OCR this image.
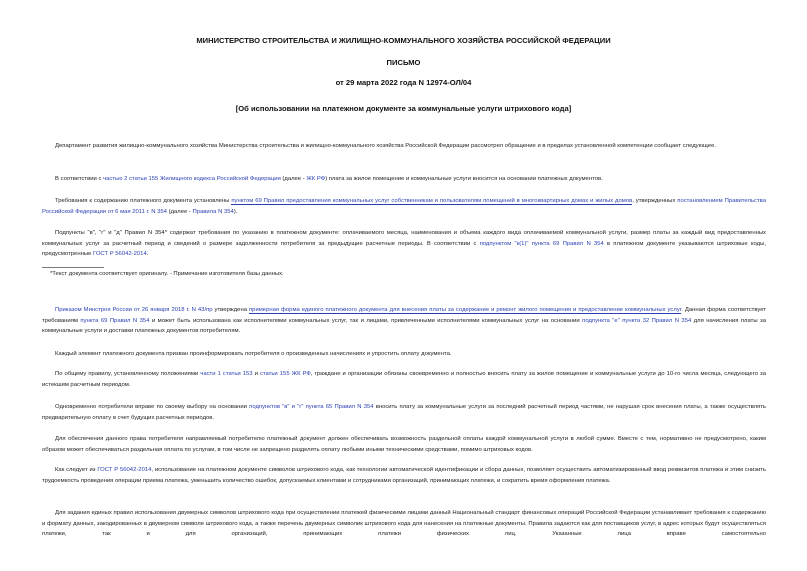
МИНИСТЕРСТВО СТРОИТЕЛЬСТВА И ЖИЛИЩНО-КОММУНАЛЬНОГО ХОЗЯЙСТВА РОССИЙСКОЙ ФЕДЕРАЦИИ
ПИСЬМО
от 29 марта 2022 года N 12974-ОЛ/04
[Об использовании на платежном документе за коммунальные услуги штрихового кода]

Департамент развития жилищно-коммунального хозяйства Министерства строительства и жилищно-коммунального хозяйства Российской Федерации рассмотрел обращение и в пределах установленной компетенции сообщает следующее.

В соответствии с частью 2 статьи 155 Жилищного кодекса Российской Федерации (далее - ЖК РФ) плата за жилое помещение и коммунальные услуги вносится на основании платежных документов.

Требования к содержанию платежного документа установлены пунктом 69 Правил предоставления коммунальных услуг собственникам и пользователям помещений в многоквартирных домах и жилых домов, утвержденных постановлением Правительства Российской Федерации от 6 мая 2011 г. N 354 (далее - Правила N 354).

Подпункты "в", "г" и "д" Правил N 354* содержат требования по указанию в платежном документе: оплачиваемого месяца, наименования и объема каждого вида оплачиваемой коммунальной услуги, размер платы за каждый вид предоставленных коммунальных услуг за расчетный период и сведений о размере задолженности потребителя за предыдущие расчетные периоды. В соответствии с подпунктом "к(1)" пункта 69 Правил N 354 в платежном документе указываются штриховые коды, предусмотренные ГОСТ Р 56042-2014.

*Текст документа соответствует оригиналу. - Примечание изготовителя базы данных.

Приказом Минстроя России от 26 января 2018 г. N 43/пр утверждена примерная форма единого платежного документа для внесения платы за содержание и ремонт жилого помещения и предоставление коммунальных услуг. Данная форма соответствует требованиям пункта 69 Правил N 354 и может быть использована как исполнителями коммунальных услуг, так и лицами, привлеченными исполнителями коммунальных услуг на основании подпункта "е" пункта 32 Правил N 354 для начисления платы за коммунальные услуги и доставки платежных документов потребителям.

Каждый элемент платежного документа призван проинформировать потребителя о произведенных начислениях и упростить оплату документа.

По общему правилу, установленному положениями части 1 статьи 153 и статьи 155 ЖК РФ, граждане и организации обязаны своевременно и полностью вносить плату за жилое помещение и коммунальные услуги до 10-го числа месяца, следующего за истекшим расчетным периодом.

Одновременно потребители вправе по своему выбору на основании подпунктов "в" и "г" пункта 65 Правил N 354 вносить плату за коммунальные услуги за последний расчетный период частями, не нарушая срок внесения платы, а также осуществлять предварительную оплату в счет будущих расчетных периодов.

Для обеспечения данного права потребителя направляемый потребителю платежный документ должен обеспечивать возможность раздельной оплаты каждой коммунальной услуги в любой сумме. Вместе с тем, нормативно не предусмотрено, каким образом может обеспечиваться раздельная оплата по услугам, в том числе не запрещено разделять оплату любыми иными техническими средствами, помимо штриховых кодов.

Как следует из ГОСТ Р 56042-2014, использование на платежном документе символов штрихового кода, как технологии автоматической идентификации и сбора данных, позволяет осуществить автоматизированный ввод реквизитов платежа и этим снизить трудоемкость проведения операции приема платежа, уменьшить количество ошибок, допускаемых клиентами и сотрудниками организаций, принимающих платежи, и сократить время оформления платежа.

Для задания единых правил использования двумерных символов штрихового кода при осуществлении платежей физическими лицами данный Национальный стандарт финансовых операций Российской Федерации устанавливает требования к содержанию и формату данных, закодированных в двумерном символе штрихового кода, а также перечень двумерных символик штрихового кода для нанесения на платежные документы. Правила задаются как для поставщиков услуг, в адрес которых будут осуществляться платежи, так и для организаций, принимающих платежи физических лиц. Указанные лица вправе самостоятельно
